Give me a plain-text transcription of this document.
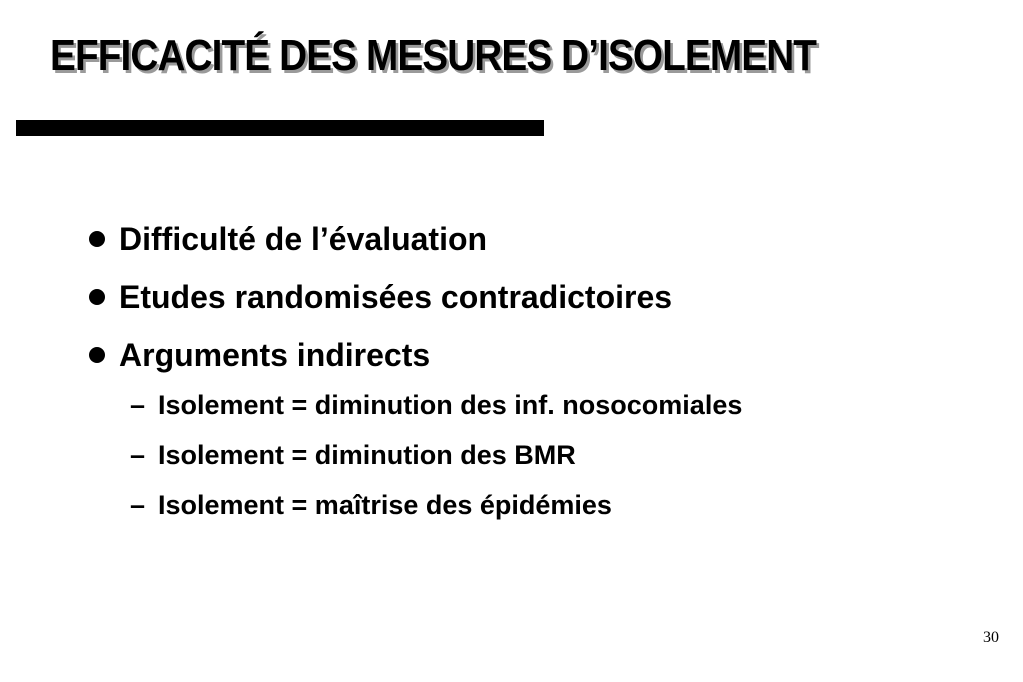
EFFICACITÉ DES MESURES D’ISOLEMENT
Difficulté de l’évaluation
Etudes randomisées contradictoires
Arguments indirects
– Isolement = diminution des inf. nosocomiales
– Isolement = diminution des BMR
– Isolement = maîtrise des épidémies
30
